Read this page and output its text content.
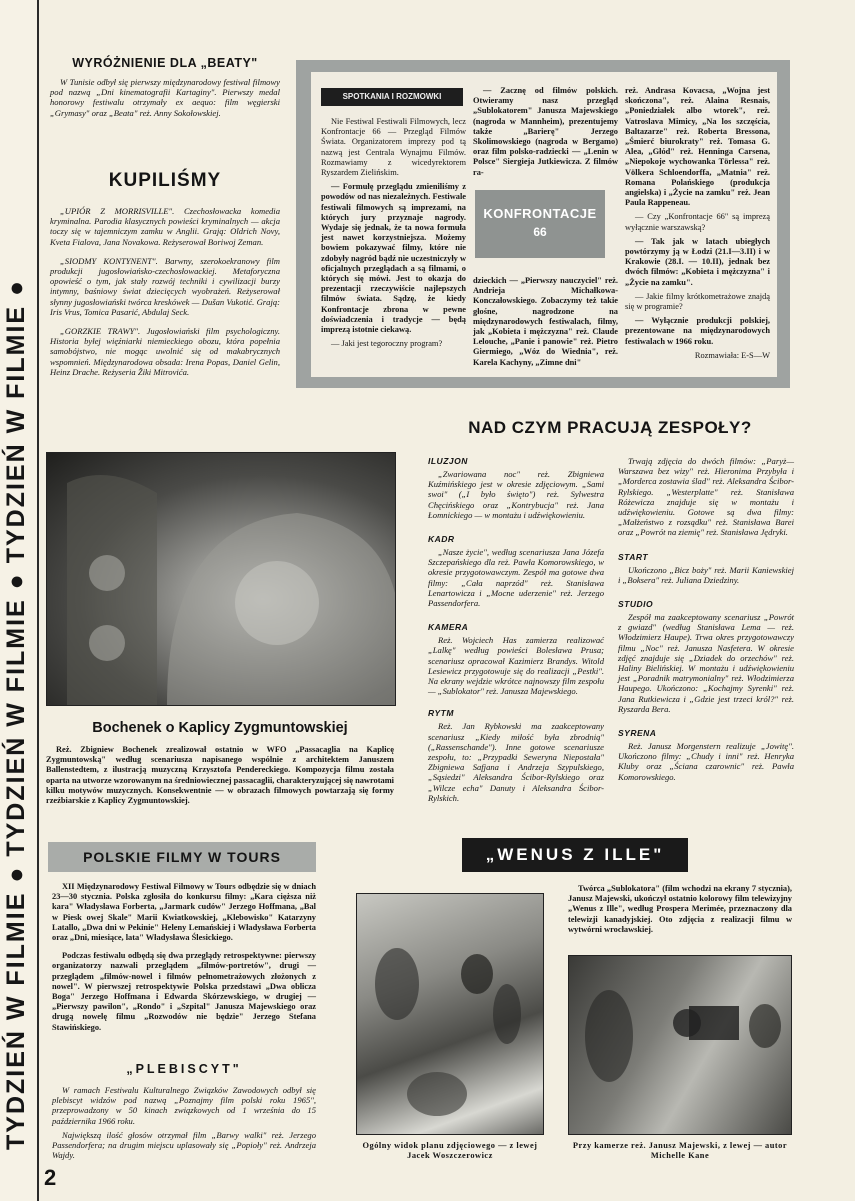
TYDZIEŃ W FILMIE ● TYDZIEŃ W FILMIE ● TYDZIEŃ W FILMIE ●
2
WYRÓŻNIENIE DLA „BEATY"

W Tunisie odbył się pierwszy międzynarodowy festiwal filmowy pod nazwą „Dni kinematografii Kartaginy". Pierwszy medal honorowy festiwalu otrzymały ex aequo: film węgierski „Grymasy" oraz „Beata" reż. Anny Sokołowskiej.

KUPILIŚMY

„UPIÓR Z MORRISVILLE". Czechosłowacka komedia kryminalna. Parodia klasycznych powieści kryminalnych — akcja toczy się w tajemniczym zamku w Anglii. Grają: Oldrich Novy, Kveta Fialova, Jana Novakowa. Reżyserował Boriwoj Zeman.

„SIODMY KONTYNENT". Barwny, szerokoekranowy film produkcji jugosłowiańsko-czechosłowackiej. Metaforyczna opowieść o tym, jak stały rozwój techniki i cywilizacji burzy intymny, baśniowy świat dziecięcych wyobrażeń. Reżyserował słynny jugosłowiański twórca kreskówek — Dušan Vukotić. Grają: Iris Vrus, Tomica Pasarić, Abdulaj Seck.

„GORZKIE TRAWY". Jugosłowiański film psychologiczny. Historia byłej więźniarki niemieckiego obozu, która popełnia samobójstwo, nie mogąc uwolnić się od makabrycznych wspomnień. Międzynarodowa obsada: Irena Popas, Daniel Gelin, Heinz Drache. Reżyseria Žiki Mitrovića.

SPOTKANIA I ROZMOWKI

Nie Festiwal Festiwali Filmowych, lecz Konfrontacje 66 — Przegląd Filmów Świata. Organizatorem imprezy pod tą nazwą jest Centrala Wynajmu Filmów. Rozmawiamy z wicedyrektorem Ryszardem Zielińskim.

— Formułę przeglądu zmieniliśmy z powodów od nas niezależnych. Festiwale festiwali filmowych są imprezami, na których jury przyznaje nagrody. Wydaje się jednak, że ta nowa formuła jest nawet korzystniejsza. Możemy bowiem pokazywać filmy, które nie zdobyły nagród bądź nie uczestniczyły w oficjalnych przeglądach a są filmami, o których się mówi. Jest to okazja do prezentacji rzeczywiście najlepszych filmów świata. Sądzę, że kiedy Konfrontacje zbrona w pewne doświadczenia i tradycje — będą imprezą istotnie ciekawą.

— Jaki jest tegoroczny program?

— Zacznę od filmów polskich. Otwieramy nasz przegląd „Sublokatorem" Janusza Majewskiego (nagroda w Mannheim), prezentujemy także „Barierę" Jerzego Skolimowskiego (nagroda w Bergamo) oraz film polsko-radziecki — „Lenin w Polsce" Siergieja Jutkiewicza. Z filmów ra-

KONFRONTACJE
66

dzieckich — „Pierwszy nauczyciel" reż. Andrieja Michałkowa-Konczałowskiego. Zobaczymy też takie głośne, nagrodzone na międzynarodowych festiwalach, filmy, jak „Kobieta i mężczyzna" reż. Claude Lelouche, „Panie i panowie" reż. Pietro Giermiego, „Wóz do Wiednia", reż. Karela Kachyny, „Zimne dni"

reż. Andrasa Kovacsa, „Wojna jest skończona", reż. Alaina Resnais, „Poniedziałek albo wtorek", reż. Vatroslava Mimicy, „Na los szczęścia, Baltazarze" reż. Roberta Bressona, „Śmierć biurokraty" reż. Tomasa G. Alea, „Głód" reż. Henninga Carsena, „Niepokoje wychowanka Törlessa" reż. Völkera Schloendorffa, „Matnia" reż. Romana Polańskiego (produkcja angielska) i „Życie na zamku" reż. Jean Paula Rappeneau.

— Czy „Konfrontacje 66" są imprezą wyłącznie warszawską?

— Tak jak w latach ubiegłych powtórzymy ją w Łodzi (21.I—3.II) i w Krakowie (28.I. — 10.II), jednak bez dwóch filmów: „Kobieta i mężczyzna" i „Życie na zamku".

— Jakie filmy krótkometrażowe znajdą się w programie?

— Wyłącznie produkcji polskiej, prezentowane na międzynarodowych festiwalach w 1966 roku.

Rozmawiała: E-S—W
NAD CZYM PRACUJĄ ZESPOŁY?
ILUZJON

„Zwariowana noc" reż. Zbigniewa Kuźmińskiego jest w okresie zdjęciowym. „Sami swoi" („I było święto") reż. Sylwestra Chęcińskiego oraz „Kontrybucja" reż. Jana Łomnickiego — w montażu i udźwiękowieniu.

KADR

„Nasze życie", według scenariusza Jana Józefa Szczepańskiego dla reż. Pawła Komorowskiego, w okresie przygotowawczym. Zespół ma gotowe dwa filmy: „Cała naprzód" reż. Stanisława Lenartowicza i „Mocne uderzenie" reż. Jerzego Passendorfera.

KAMERA

Reż. Wojciech Has zamierza realizować „Lalkę" według powieści Bolesława Prusa; scenariusz opracował Kazimierz Brandys. Witold Lesiewicz przygotowuje się do realizacji „Pestki". Na ekrany wejdzie wkrótce najnowszy film zespołu — „Sublokator" reż. Janusza Majewskiego.

RYTM

Reż. Jan Rybkowski ma zaakceptowany scenariusz „Kiedy miłość była zbrodnią" („Rassenschande"). Inne gotowe scenariusze zespołu, to: „Przypadki Seweryna Niepostała" Zbigniewa Safjana i Andrzeja Szypulskiego, „Sąsiedzi" Aleksandra Ścibor-Rylskiego oraz „Wilcze echa" Danuty i Aleksandra Ścibor-Rylskich.

Trwają zdjęcia do dwóch filmów: „Paryż—Warszawa bez wizy" reż. Hieronima Przybyła i „Morderca zostawia ślad" reż. Aleksandra Ścibor-Rylskiego. „Westerplatte" reż. Stanisława Różewicza znajduje się w montażu i udźwiękowieniu. Gotowe są dwa filmy: „Małżeństwo z rozsądku" reż. Stanisława Barei oraz „Powrót na ziemię" reż. Stanisława Jędryki.

START

Ukończono „Bicz boży" reż. Marii Kaniewskiej i „Boksera" reż. Juliana Dziedziny.

STUDIO

Zespół ma zaakceptowany scenariusz „Powrót z gwiazd" (według Stanisława Lema — reż. Włodzimierz Haupe). Trwa okres przygotowawczy filmu „Noc" reż. Janusza Nasfetera. W okresie zdjęć znajduje się „Dziadek do orzechów" reż. Haliny Bielińskiej. W montażu i udźwiękowieniu jest „Poradnik matrymonialny" reż. Włodzimierza Haupego. Ukończono: „Kochajmy Syrenki" reż. Jana Rutkiewicza i „Gdzie jest trzeci król?" reż. Ryszarda Bera.

SYRENA

Reż. Janusz Morgenstern realizuje „Jowitę". Ukończono filmy: „Chudy i inni" reż. Henryka Kluby oraz „Ściana czarownic" reż. Pawła Komorowskiego.

Bochenek o Kaplicy Zygmuntowskiej

Reż. Zbigniew Bochenek zrealizował ostatnio w WFO „Passacaglia na Kaplicę Zygmuntowską" według scenariusza napisanego wspólnie z architektem Januszem Ballenstedtem, z ilustracją muzyczną Krzysztofa Pendereckiego. Kompozycja filmu została oparta na utworze wzorowanym na średniowiecznej passacaglii, charakteryzującej się nawrotami kilku motywów muzycznych. Konsekwentnie — w obrazach filmowych powtarzają się formy rzeźbiarskie z Kaplicy Zygmuntowskiej.

POLSKIE FILMY W TOURS

XII Międzynarodowy Festiwal Filmowy w Tours odbędzie się w dniach 23—30 stycznia. Polska zgłosiła do konkursu filmy: „Kara cięższa niż kara" Władysława Forberta, „Jarmark cudów" Jerzego Hoffmana, „Bal w Piesk owej Skale" Marii Kwiatkowskiej, „Klebowisko" Katarzyny Latallo, „Dwa dni w Pekinie" Heleny Lemańskiej i Władysława Forberta oraz „Dni, miesiące, lata" Władysława Ślesickiego.

Podczas festiwalu odbędą się dwa przeglądy retrospektywne: pierwszy organizatorzy nazwali przeglądem „filmów-portretów", drugi — przeglądem „filmów-nowel i filmów pełnometrażowych złożonych z nowel". W pierwszej retrospektywie Polska przedstawi „Dwa oblicza Boga" Jerzego Hoffmana i Edwarda Skórzewskiego, w drugiej — „Pierwszy pawilon", „Rondo" i „Szpital" Janusza Majewskiego oraz drugą nowelę filmu „Rozwodów nie będzie" Jerzego Stefana Stawińskiego.

„PLEBISCYT"

W ramach Festiwalu Kulturalnego Związków Zawodowych odbył się plebiscyt widzów pod nazwą „Poznajmy film polski roku 1965", przeprowadzony w 50 kinach związkowych od 1 września do 15 października 1966 roku.

Największą ilość głosów otrzymał film „Barwy walki" reż. Jerzego Passendorfera; na drugim miejscu uplasowały się „Popioły" reż. Andrzeja Wajdy.

„WENUS Z ILLE"

Twórca „Sublokatora" (film wchodzi na ekrany 7 stycznia), Janusz Majewski, ukończył ostatnio kolorowy film telewizyjny „Wenus z Ille", według Prospera Merimée, przeznaczony dla telewizji kanadyjskiej. Oto zdjęcia z realizacji filmu w wytwórni wrocławskiej.

Ogólny widok planu zdjęciowego — z lewej Jacek Woszczerowicz

Przy kamerze reż. Janusz Majewski, z lewej — autor Michelle Kane
